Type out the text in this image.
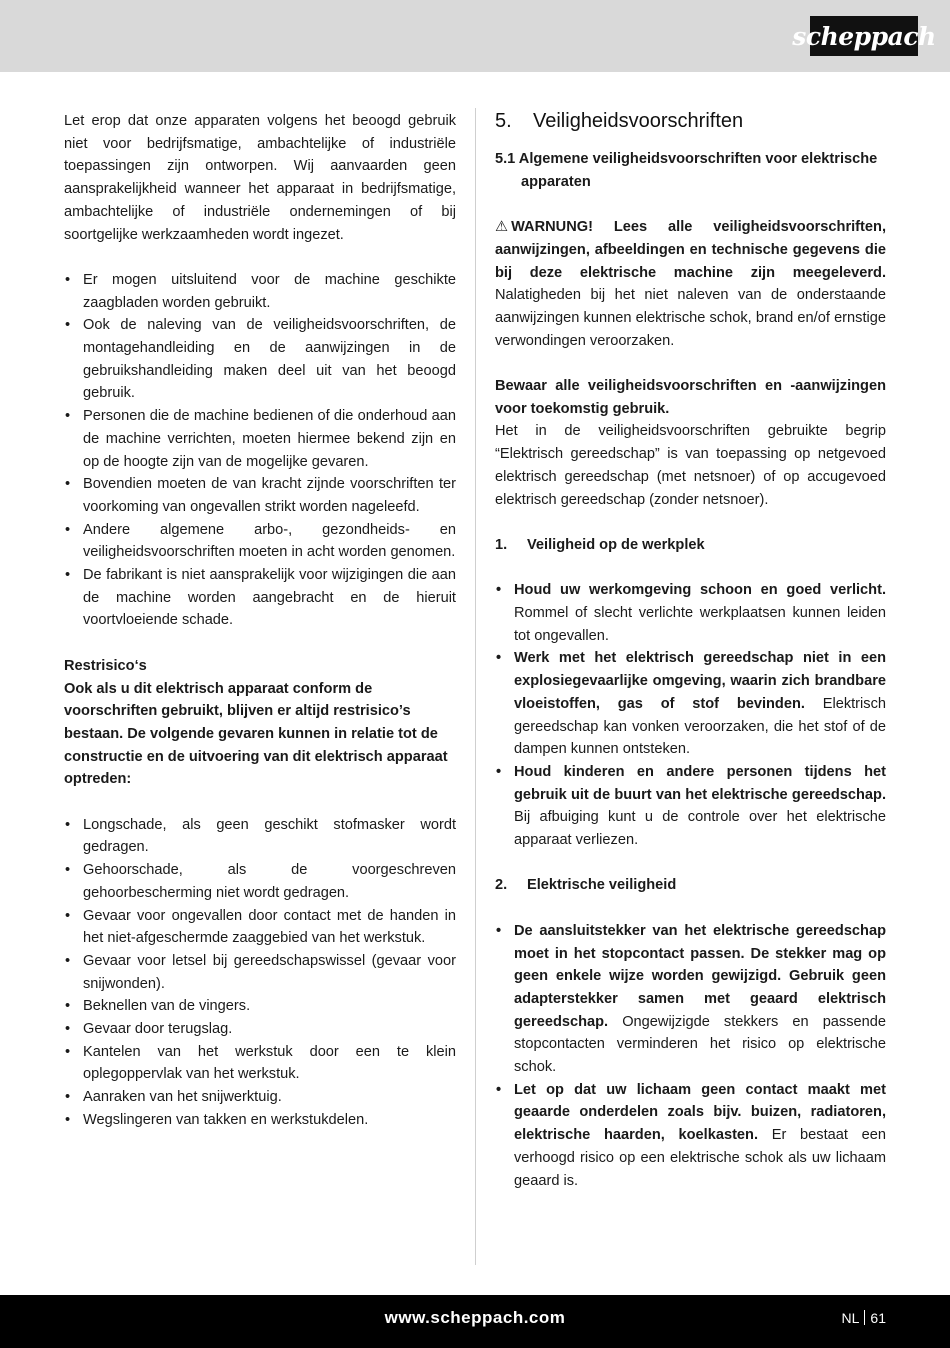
scheppach

Let erop dat onze apparaten volgens het beoogd gebruik niet voor bedrijfsmatige, ambachtelijke of industriële toepassingen zijn ontworpen. Wij aanvaarden geen aansprakelijkheid wanneer het apparaat in bedrijfsmatige, ambachtelijke of industriële ondernemingen of bij soortgelijke werkzaamheden wordt ingezet.

• Er mogen uitsluitend voor de machine geschikte zaagbladen worden gebruikt.
• Ook de naleving van de veiligheidsvoorschriften, de montagehandleiding en de aanwijzingen in de gebruikshandleiding maken deel uit van het beoogd gebruik.
• Personen die de machine bedienen of die onderhoud aan de machine verrichten, moeten hiermee bekend zijn en op de hoogte zijn van de mogelijke gevaren.
• Bovendien moeten de van kracht zijnde voorschriften ter voorkoming van ongevallen strikt worden nageleefd.
• Andere algemene arbo-, gezondheids- en veiligheidsvoorschriften moeten in acht worden genomen.
• De fabrikant is niet aansprakelijk voor wijzigingen die aan de machine worden aangebracht en de hieruit voortvloeiende schade.

Restrisico‘s

Ook als u dit elektrisch apparaat conform de voorschriften gebruikt, blijven er altijd restrisico’s bestaan. De volgende gevaren kunnen in relatie tot de constructie en de uitvoering van dit elektrisch apparaat optreden:

• Longschade, als geen geschikt stofmasker wordt gedragen.
• Gehoorschade, als de voorgeschreven gehoorbescherming niet wordt gedragen.
• Gevaar voor ongevallen door contact met de handen in het niet-afgeschermde zaaggebied van het werkstuk.
• Gevaar voor letsel bij gereedschapswissel (gevaar voor snijwonden).
• Beknellen van de vingers.
• Gevaar door terugslag.
• Kantelen van het werkstuk door een te klein oplegoppervlak van het werkstuk.
• Aanraken van het snijwerktuig.
• Wegslingeren van takken en werkstukdelen.
5. Veiligheidsvoorschriften
5.1 Algemene veiligheidsvoorschriften voor elektrische apparaten

⚠ WARNUNG! Lees alle veiligheidsvoorschriften, aanwijzingen, afbeeldingen en technische gegevens die bij deze elektrische machine zijn meegeleverd. Nalatigheden bij het niet naleven van de onderstaande aanwijzingen kunnen elektrische schok, brand en/of ernstige verwondingen veroorzaken.

Bewaar alle veiligheidsvoorschriften en -aanwijzingen voor toekomstig gebruik.

Het in de veiligheidsvoorschriften gebruikte begrip “Elektrisch gereedschap” is van toepassing op netgevoed elektrisch gereedschap (met netsnoer) of op accugevoed elektrisch gereedschap (zonder netsnoer).

1. Veiligheid op de werkplek
• Houd uw werkomgeving schoon en goed verlicht. Rommel of slecht verlichte werkplaatsen kunnen leiden tot ongevallen.
• Werk met het elektrisch gereedschap niet in een explosiegevaarlijke omgeving, waarin zich brandbare vloeistoffen, gas of stof bevinden. Elektrisch gereedschap kan vonken veroorzaken, die het stof of de dampen kunnen ontsteken.
• Houd kinderen en andere personen tijdens het gebruik uit de buurt van het elektrische gereedschap. Bij afbuiging kunt u de controle over het elektrische apparaat verliezen.
2. Elektrische veiligheid
• De aansluitstekker van het elektrische gereedschap moet in het stopcontact passen. De stekker mag op geen enkele wijze worden gewijzigd. Gebruik geen adapterstekker samen met geaard elektrisch gereedschap. Ongewijzigde stekkers en passende stopcontacten verminderen het risico op elektrische schok.
• Let op dat uw lichaam geen contact maakt met geaarde onderdelen zoals bijv. buizen, radiatoren, elektrische haarden, koelkasten. Er bestaat een verhoogd risico op een elektrische schok als uw lichaam geaard is.
www.scheppach.com	NL 61
